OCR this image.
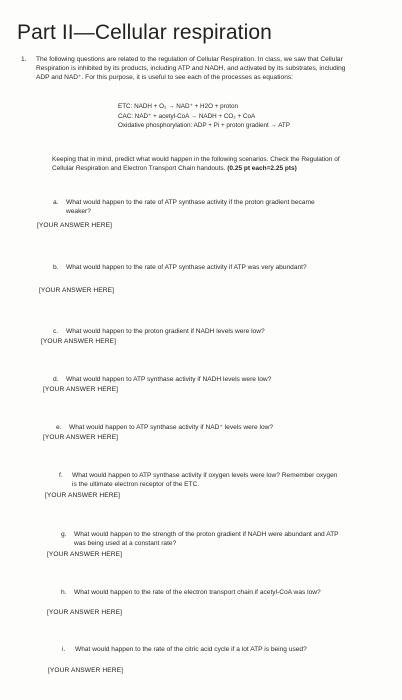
Part II—Cellular respiration
1. The following questions are related to the regulation of Cellular Respiration. In class, we saw that Cellular Respiration is inhibited by its products, including ATP and NADH, and activated by its substrates, including ADP and NAD⁺. For this purpose, it is useful to see each of the processes as equations:
ETC: NADH + O₂ → NAD⁺ + H2O + proton
CAC: NAD⁺ + acetyl-CoA → NADH + CO₂ + CoA
Oxidative phosphorylation: ADP + Pi + proton gradient → ATP
Keeping that in mind, predict what would happen in the following scenarios. Check the Regulation of Cellular Respiration and Electron Transport Chain handouts. (0.25 pt each=2.25 pts)
a. What would happen to the rate of ATP synthase activity if the proton gradient became weaker?
[YOUR ANSWER HERE]
b. What would happen to the rate of ATP synthase activity if ATP was very abundant?
[YOUR ANSWER HERE]
c. What would happen to the proton gradient if NADH levels were low?
[YOUR ANSWER HERE]
d. What would happen to ATP synthase activity if NADH levels were low?
[YOUR ANSWER HERE]
e. What would happen to ATP synthase activity if NAD⁺ levels were low?
[YOUR ANSWER HERE]
f. What would happen to ATP synthase activity if oxygen levels were low? Remember oxygen is the ultimate electron receptor of the ETC.
[YOUR ANSWER HERE]
g. What would happen to the strength of the proton gradient if NADH were abundant and ATP was being used at a constant rate?
[YOUR ANSWER HERE]
h. What would happen to the rate of the electron transport chain if acetyl-CoA was low?
[YOUR ANSWER HERE]
i. What would happen to the rate of the citric acid cycle if a lot ATP is being used?
[YOUR ANSWER HERE]
